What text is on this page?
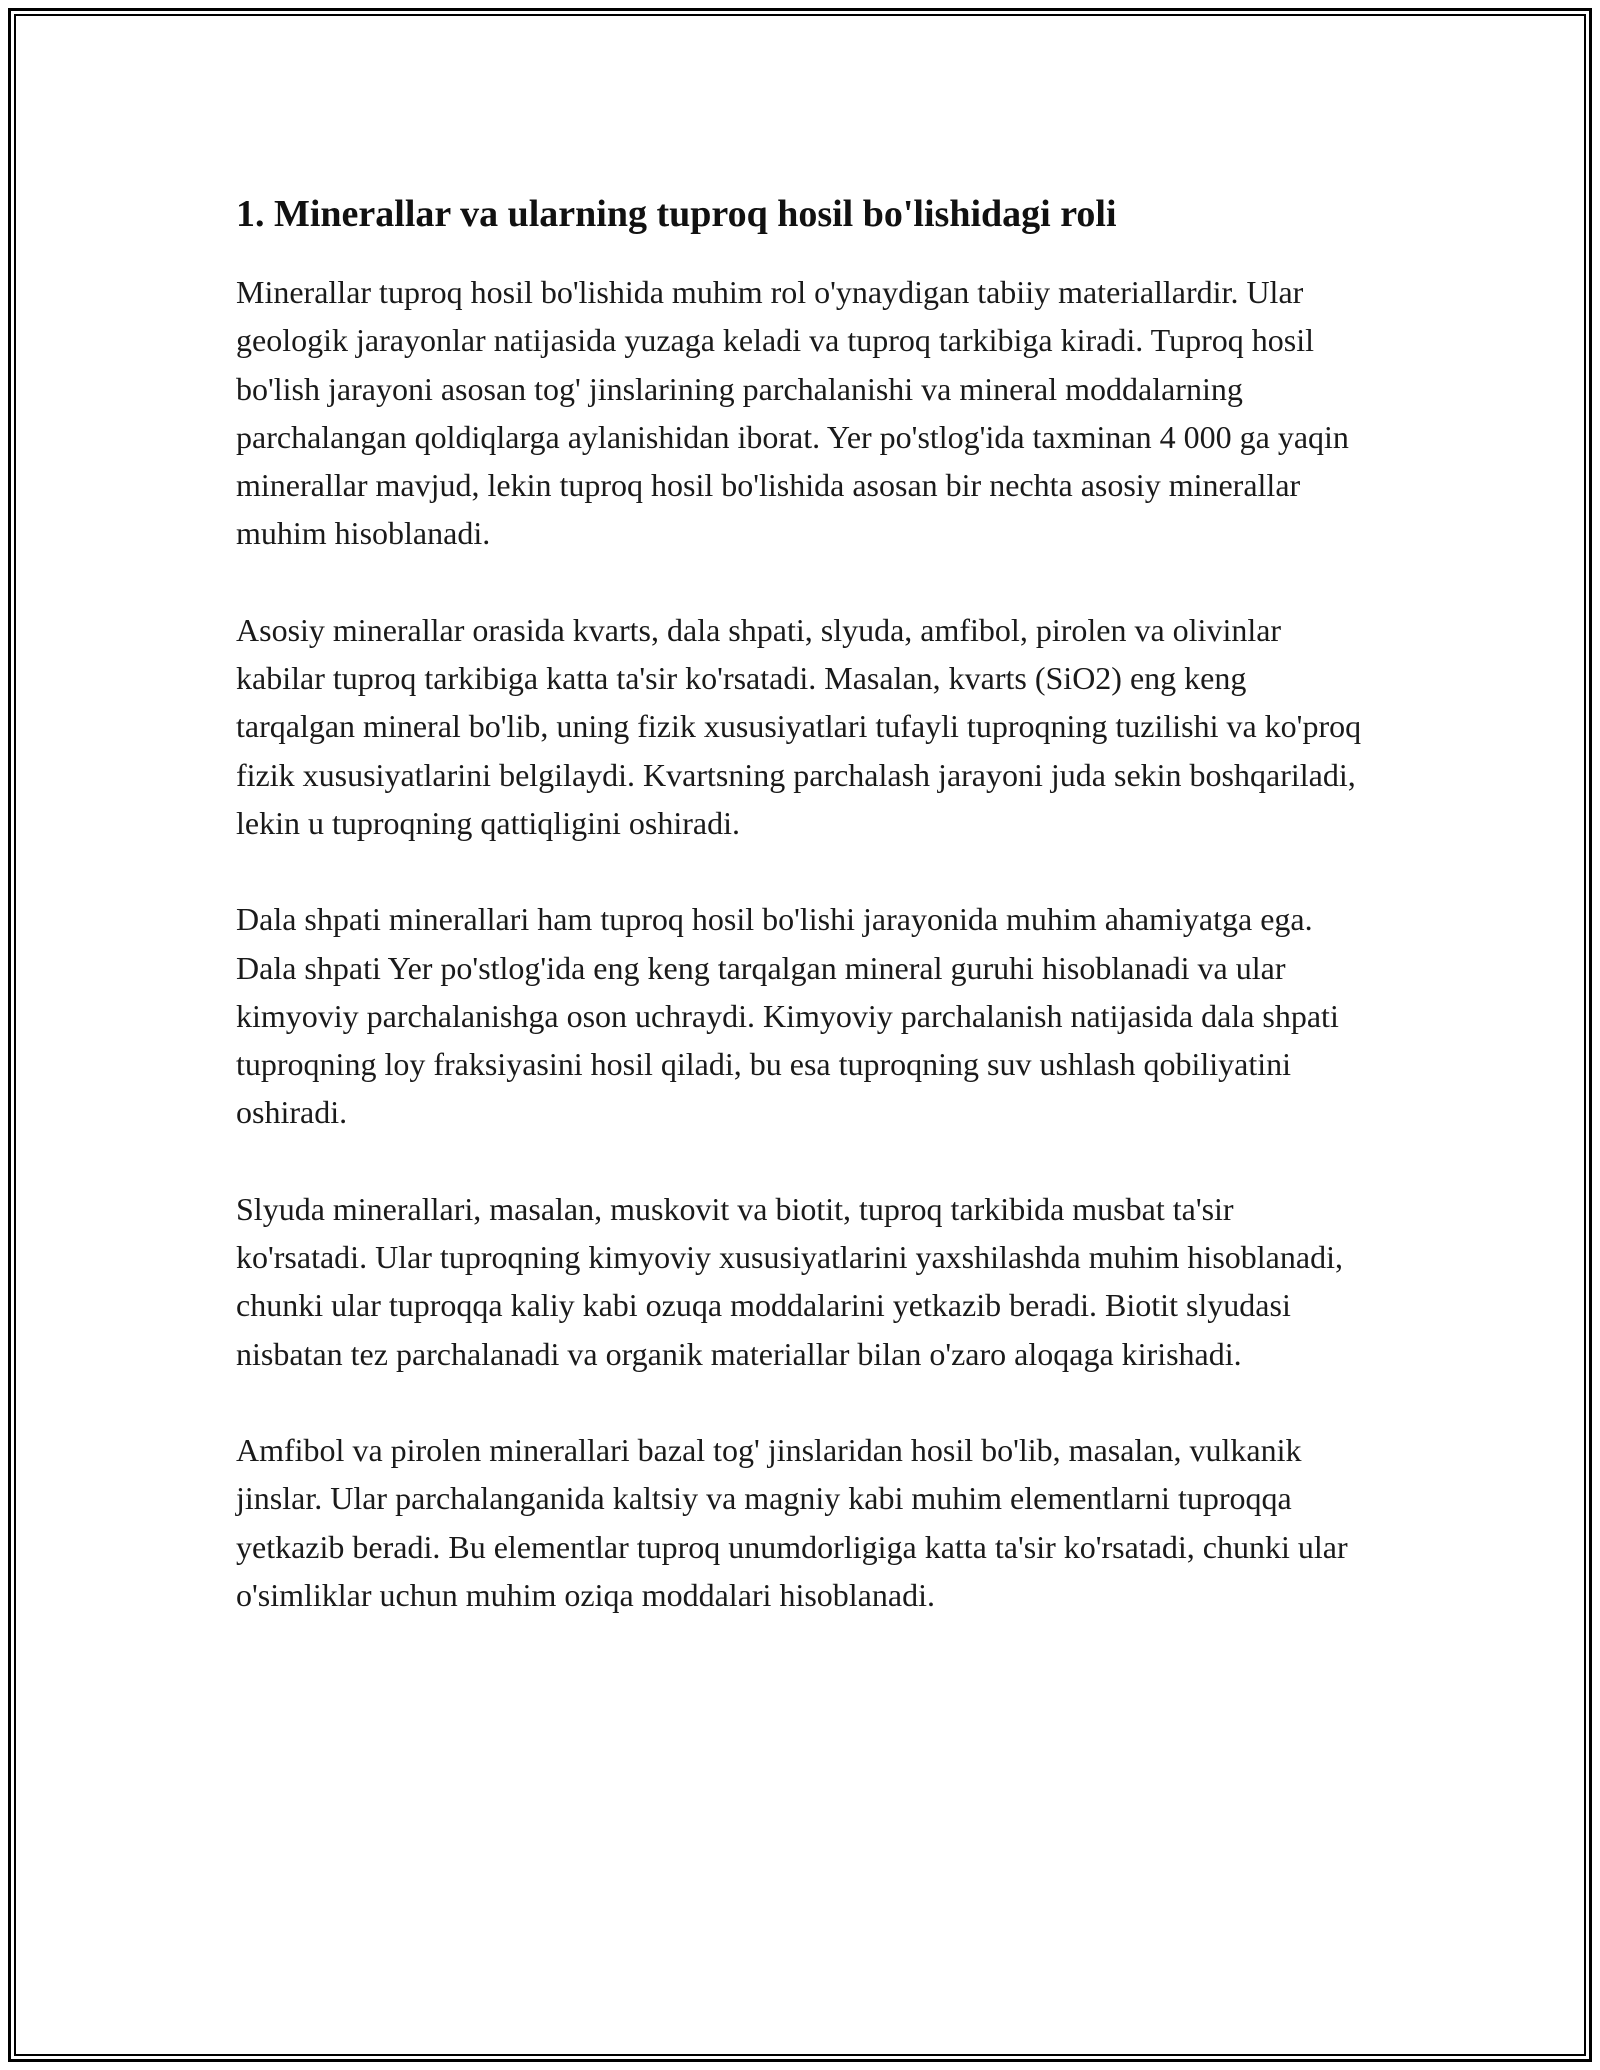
1. Minerallar va ularning tuproq hosil bo'lishidagi roli

Minerallar tuproq hosil bo'lishida muhim rol o'ynaydigan tabiiy materiallardir. Ular geologik jarayonlar natijasida yuzaga keladi va tuproq tarkibiga kiradi. Tuproq hosil bo'lish jarayoni asosan tog' jinslarining parchalanishi va mineral moddalarning parchalangan qoldiqlarga aylanishidan iborat. Yer po'stlog'ida taxminan 4 000 ga yaqin minerallar mavjud, lekin tuproq hosil bo'lishida asosan bir nechta asosiy minerallar muhim hisoblanadi.

Asosiy minerallar orasida kvarts, dala shpati, slyuda, amfibol, pirolen va olivinlar kabilar tuproq tarkibiga katta ta'sir ko'rsatadi. Masalan, kvarts (SiO2) eng keng tarqalgan mineral bo'lib, uning fizik xususiyatlari tufayli tuproqning tuzilishi va ko'proq fizik xususiyatlarini belgilaydi. Kvartsning parchalash jarayoni juda sekin boshqariladi, lekin u tuproqning qattiqligini oshiradi.

Dala shpati minerallari ham tuproq hosil bo'lishi jarayonida muhim ahamiyatga ega. Dala shpati Yer po'stlog'ida eng keng tarqalgan mineral guruhi hisoblanadi va ular kimyoviy parchalanishga oson uchraydi. Kimyoviy parchalanish natijasida dala shpati tuproqning loy fraksiyasini hosil qiladi, bu esa tuproqning suv ushlash qobiliyatini oshiradi.

Slyuda minerallari, masalan, muskovit va biotit, tuproq tarkibida musbat ta'sir ko'rsatadi. Ular tuproqning kimyoviy xususiyatlarini yaxshilashda muhim hisoblanadi, chunki ular tuproqqa kaliy kabi ozuqa moddalarini yetkazib beradi. Biotit slyudasi nisbatan tez parchalanadi va organik materiallar bilan o'zaro aloqaga kirishadi.

Amfibol va pirolen minerallari bazal tog' jinslaridan hosil bo'lib, masalan, vulkanik jinslar. Ular parchalanganida kaltsiy va magniy kabi muhim elementlarni tuproqqa yetkazib beradi. Bu elementlar tuproq unumdorligiga katta ta'sir ko'rsatadi, chunki ular o'simliklar uchun muhim oziqa moddalari hisoblanadi.
